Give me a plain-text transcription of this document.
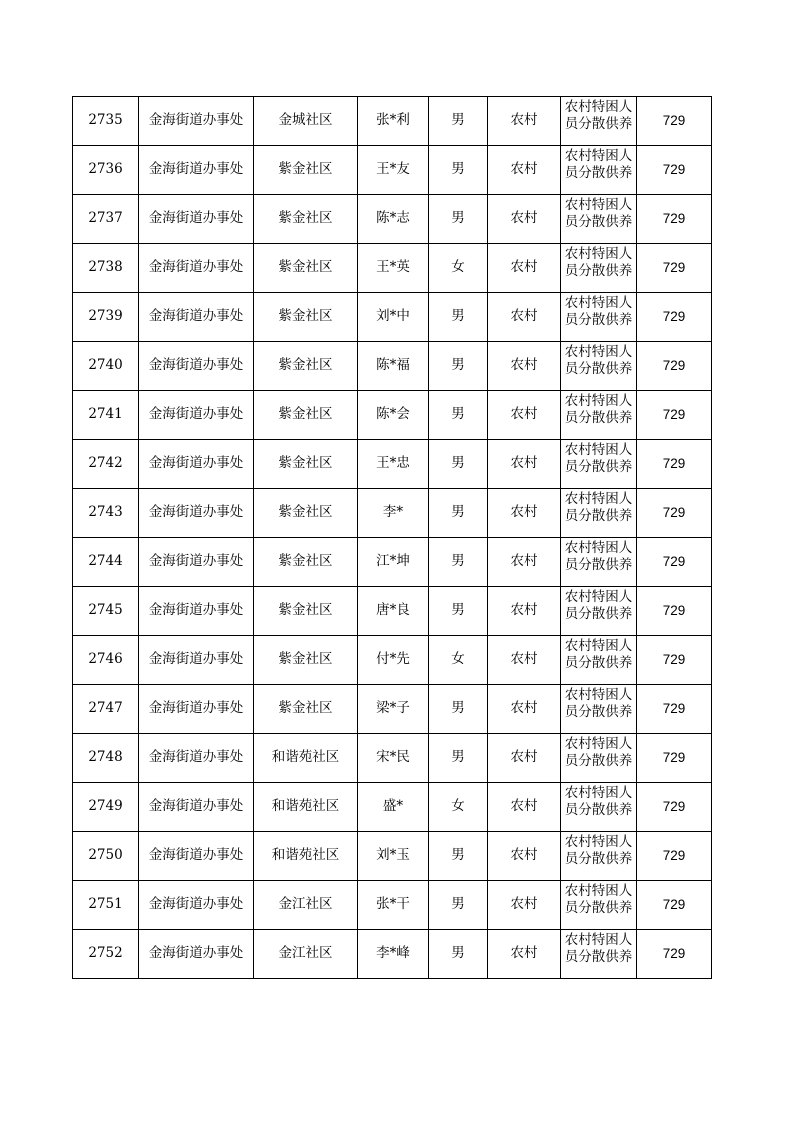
2735	金海街道办事处	金城社区	张*利	男	农村	农村特困人员分散供养	729
2736	金海街道办事处	紫金社区	王*友	男	农村	农村特困人员分散供养	729
2737	金海街道办事处	紫金社区	陈*志	男	农村	农村特困人员分散供养	729
2738	金海街道办事处	紫金社区	王*英	女	农村	农村特困人员分散供养	729
2739	金海街道办事处	紫金社区	刘*中	男	农村	农村特困人员分散供养	729
2740	金海街道办事处	紫金社区	陈*福	男	农村	农村特困人员分散供养	729
2741	金海街道办事处	紫金社区	陈*会	男	农村	农村特困人员分散供养	729
2742	金海街道办事处	紫金社区	王*忠	男	农村	农村特困人员分散供养	729
2743	金海街道办事处	紫金社区	李*	男	农村	农村特困人员分散供养	729
2744	金海街道办事处	紫金社区	江*坤	男	农村	农村特困人员分散供养	729
2745	金海街道办事处	紫金社区	唐*良	男	农村	农村特困人员分散供养	729
2746	金海街道办事处	紫金社区	付*先	女	农村	农村特困人员分散供养	729
2747	金海街道办事处	紫金社区	梁*子	男	农村	农村特困人员分散供养	729
2748	金海街道办事处	和谐苑社区	宋*民	男	农村	农村特困人员分散供养	729
2749	金海街道办事处	和谐苑社区	盛*	女	农村	农村特困人员分散供养	729
2750	金海街道办事处	和谐苑社区	刘*玉	男	农村	农村特困人员分散供养	729
2751	金海街道办事处	金江社区	张*干	男	农村	农村特困人员分散供养	729
2752	金海街道办事处	金江社区	李*峰	男	农村	农村特困人员分散供养	729
